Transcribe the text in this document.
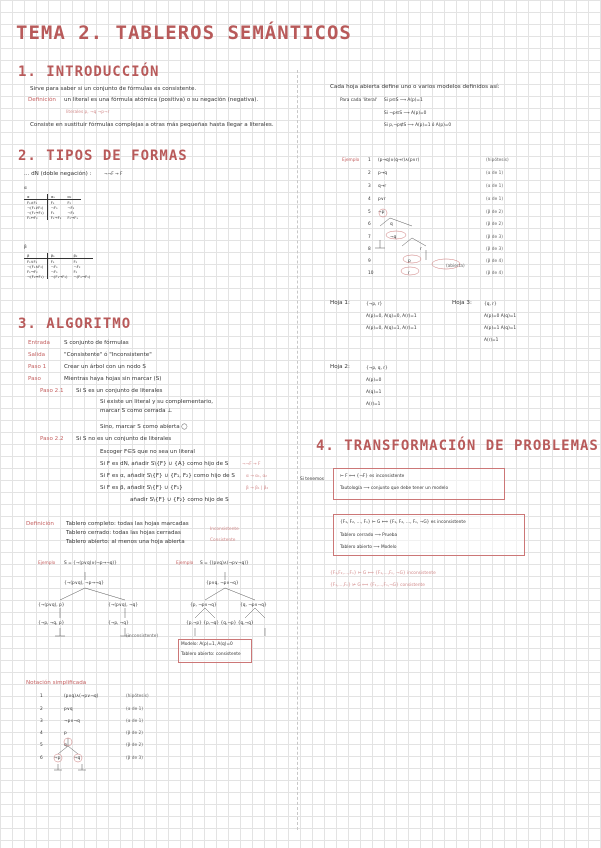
TEMA 2. TABLEROS SEMÁNTICOS
1. INTRODUCCIÓN
Sirve para saber si un conjunto de fórmulas es consistente.
Definición un literal es una fórmula atómica (positiva) o su negación (negativa).
literales p, ¬q ¬p¬r
Consiste en sustituir fórmulas complejas a otras más pequeñas hasta llegar a literales.
2. TIPOS DE FORMAS
... dN (doble negación) :	¬¬F → F
α
α	α₁	α₂
F₁∧F₂	F₁	F₂
¬(F₁∨F₂)	¬F₁	¬F₂
¬(F₁→F₂)	F₁	¬F₂
F₁↔F₂	F₁→F₂	F₂→F₁
β
β	β₁	β₂
F₁∨F₂	F₁	F₂
¬(F₁∧F₂)	¬F₁	¬F₂
F₁→F₂	¬F₁	F₂
¬(F₁↔F₂)	¬(F₁→F₂)	¬(F₂→F₁)
3. ALGORITMO
Entrada	S conjunto de fórmulas
Salida	"Consistente" ó "Inconsistente"
Paso 1	Crear un árbol con un nodo S
Paso	Mientras haya hojas sin marcar (S)
Paso 2.1 Si S es un conjunto de literales
Si existe un literal y su complementario,
marcar S como cerrada ⊥
Sino, marcar S como abierta ◯
Paso 2.2 Si S no es un conjunto de literales
Escoger F∈S que no sea un literal
Si F es dN, añadir S\{F} ∪ {A} como hijo de S	¬¬F → F
Si F es α, añadir S\{F} ∪ {F₁, F₂} como hijo de S	α → α₁, α₂
Si F es β, añadir S\{F} ∪ {F₁}	β → β₁ | β₂
añadir S\{F} ∪ {F₂} como hijo de S
Definición Tablero completo: todas las hojas marcadas
Tablero cerrado: todas las hojas cerradas
Tablero abierto: al menos una hoja abierta
Inconsistente
Consistente
Ejemplo S = {¬(p∨q)∧(¬p→¬q)}
{¬(p∨q), ¬p→¬q}
{¬(p∨q), p}	{¬(p∨q), ¬q}
{¬p, ¬q, p}	{¬p, ¬q}
(inconsistente)
Ejemplo S = {(p∨q)∧(¬p∨¬q)}
{p∨q, ¬p∨¬q}
{p, ¬p∨¬q}	{q, ¬p∨¬q}
{p,¬p} {p,¬q} {q,¬p} {q,¬q}
Modelo: A(p)=1, A(q)=0
Tablero abierto: consistente
Notación simplificada
1	(p∨q)∧(¬p∨¬q)	(hipótesis)
2	p∨q	(α de 1)
3	¬p∨¬q	(α de 1)
4	p	(β de 2)
5	q	(β de 2)
6	¬p	(β de 3)
¬q
Cada hoja abierta define uno o varios modelos definidos así:
Para cada 'literal' Si p∈S ⟶ A(p)=1
Si ¬p∈S ⟶ A(p)=0
Si p,¬p∉S ⟶ A(p)=1 ó A(p)=0
Ejemplo 1 (p→q)∧(q→r)∧(p∨r)	(hipótesis)
2 p→q	(α de 1)
3 q→r	(α de 1)
4 p∨r	(α de 1)
5 ¬p	(β de 2)
6	q	(β de 2)
7	¬q	(β de 3)
8	r	(β de 3)
9	p	(β de 4)
10	r	(β de 4)
(abierta)
Hoja 1:	{¬p, r}
A(p)=0, A(q)=0, A(r)=1
A(p)=0, A(q)=1, A(r)=1
Hoja 3:	{q, r}
A(p)=0 A(q)=1
A(p)=1 A(q)=1
A(r)=1
Hoja 2:	{¬p, q, r}
A(p)=0
A(q)=1
A(r)=1
4. TRANSFORMACIÓN DE PROBLEMAS
Si tenemos
⊨ F ⟺ {¬F} es inconsistente
Tautología ⟶ conjunto que debe tener un modelo
{F₁, F₂, …, Fₙ} ⊨ G ⟺ {F₁, F₂, …, Fₙ, ¬G} es inconsistente
Tablero cerrado ⟶ Prueba
Tablero abierto ⟶ Modelo
{F₁,F₂,…,Fₙ} ⊨ G ⟺ {F₁,…,Fₙ, ¬G} inconsistente
{F₁,…,Fₙ} ⊭ G ⟺ {F₁,…,Fₙ,¬G} consistente
